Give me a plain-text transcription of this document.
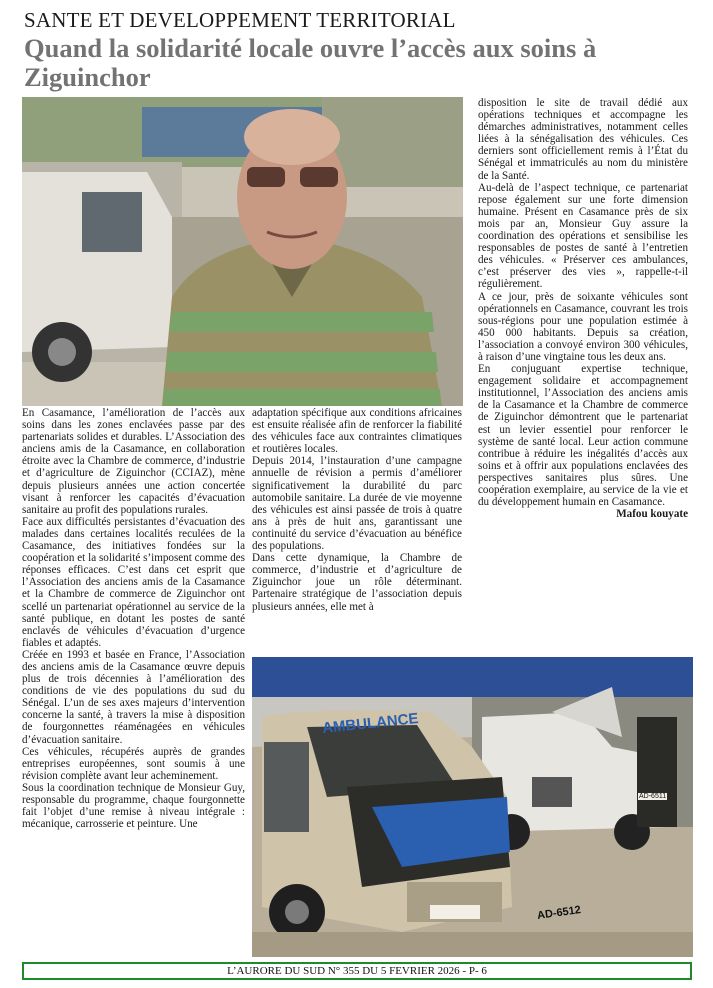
SANTE ET DEVELOPPEMENT TERRITORIAL
Quand la solidarité locale ouvre l’accès aux soins à Ziguinchor
AMBULANCE
AD-6512
AD-6511

En Casamance, l’amélioration de l’accès aux soins dans les zones enclavées passe par des partenariats solides et durables. L’Association des anciens amis de la Casamance, en collaboration étroite avec la Chambre de commerce, d’industrie et d’agriculture de Ziguinchor (CCIAZ), mène depuis plusieurs années une action concertée visant à renforcer les capacités d’évacuation sanitaire au profit des populations rurales.

Face aux difficultés persistantes d’évacuation des malades dans certaines localités reculées de la Casamance, des initiatives fondées sur la coopération et la solidarité s’imposent comme des réponses efficaces. C’est dans cet esprit que l’Association des anciens amis de la Casamance et la Chambre de commerce de Ziguinchor ont scellé un partenariat opérationnel au service de la santé publique, en dotant les postes de santé enclavés de véhicules d’évacuation d’urgence fiables et adaptés.

Créée en 1993 et basée en France, l’Association des anciens amis de la Casamance œuvre depuis plus de trois décennies à l’amélioration des conditions de vie des populations du sud du Sénégal. L’un de ses axes majeurs d’intervention concerne la santé, à travers la mise à disposition de fourgonnettes réaménagées en véhicules d’évacuation sanitaire.

Ces véhicules, récupérés auprès de grandes entreprises européennes, sont soumis à une révision complète avant leur acheminement.

Sous la coordination technique de Monsieur Guy, responsable du programme, chaque fourgonnette fait l’objet d’une remise à niveau intégrale : mécanique, carrosserie et peinture. Une

adaptation spécifique aux conditions africaines est ensuite réalisée afin de renforcer la fiabilité des véhicules face aux contraintes climatiques et routières locales.

Depuis 2014, l’instauration d’une campagne annuelle de révision a permis d’améliorer significativement la durabilité du parc automobile sanitaire. La durée de vie moyenne des véhicules est ainsi passée de trois à quatre ans à près de huit ans, garantissant une continuité du service d’évacuation au bénéfice des populations.

Dans cette dynamique, la Chambre de commerce, d’industrie et d’agriculture de Ziguinchor joue un rôle déterminant. Partenaire stratégique de l’association depuis plusieurs années, elle met à

disposition le site de travail dédié aux opérations techniques et accompagne les démarches administratives, notamment celles liées à la sénégalisation des véhicules. Ces derniers sont officiellement remis à l’État du Sénégal et immatriculés au nom du ministère de la Santé.

Au-delà de l’aspect technique, ce partenariat repose également sur une forte dimension humaine. Présent en Casamance près de six mois par an, Monsieur Guy assure la coordination des opérations et sensibilise les responsables de postes de santé à l’entretien des véhicules. « Préserver ces ambulances, c’est préserver des vies », rappelle-t-il régulièrement.

A ce jour, près de soixante véhicules sont opérationnels en Casamance, couvrant les trois sous-régions pour une population estimée à 450 000 habitants. Depuis sa création, l’association a convoyé environ 300 véhicules, à raison d’une vingtaine tous les deux ans.

En conjuguant expertise technique, engagement solidaire et accompagnement institutionnel, l’Association des anciens amis de la Casamance et la Chambre de commerce de Ziguinchor démontrent que le partenariat est un levier essentiel pour renforcer le système de santé local. Leur action commune contribue à réduire les inégalités d’accès aux soins et à offrir aux populations enclavées des perspectives sanitaires plus sûres. Une coopération exemplaire, au service de la vie et du développement humain en Casamance.

Mafou kouyate

L’AURORE DU SUD N° 355 DU 5 FEVRIER 2026 - P- 6
